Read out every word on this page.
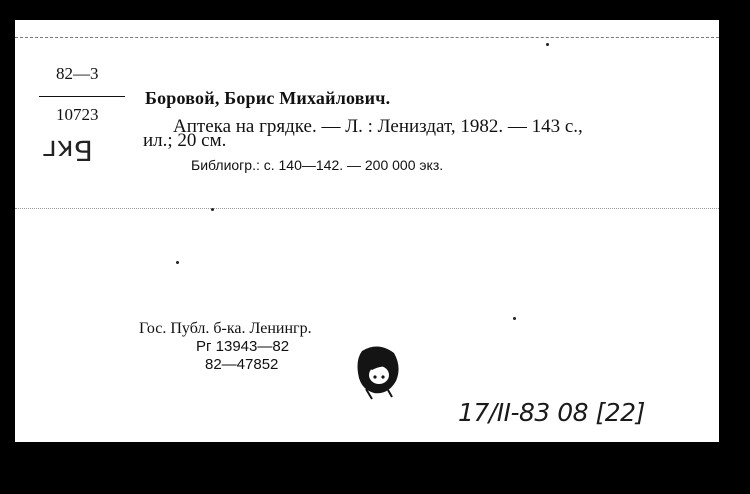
82—3
10723
Бкг
Боровой, Борис Михайлович.
Аптека на грядке. — Л. : Лениздат, 1982. — 143 с.,
ил.; 20 см.
Библиогр.: с. 140—142. — 200 000 экз.
Гос. Публ. б-ка. Ленингр.
Рг 13943—82
82—47852
17/II-83 08 [22]
